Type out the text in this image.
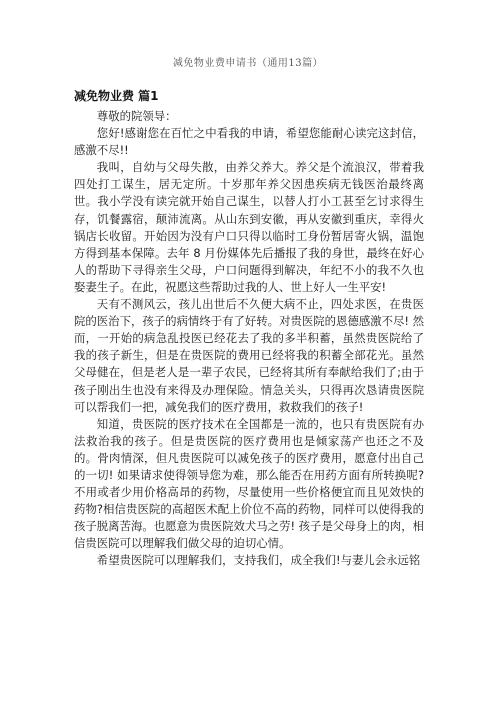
减免物业费申请书（通用13篇）
减免物业费 篇1

尊敬的院领导：

您好!感谢您在百忙之中看我的申请，希望您能耐心读完这封信，感激不尽!!

我叫，自幼与父母失散，由养父养大。养父是个流浪汉，带着我四处打工谋生，居无定所。十岁那年养父因患疾病无钱医治最终离世。我小学没有读完就开始自己谋生，以替人打小工甚至乞讨求得生存，饥餐露宿，颠沛流离。从山东到安徽，再从安徽到重庆，幸得火锅店长收留。开始因为没有户口只得以临时工身份暂居寄火锅，温饱方得到基本保障。去年 8 月份媒体先后播报了我的身世，最终在好心人的帮助下寻得亲生父母，户口问题得到解决，年纪不小的我不久也娶妻生子。在此，祝愿这些帮助过我的人、世上好人一生平安!

天有不测风云，孩儿出世后不久便大病不止，四处求医，在贵医院的医治下，孩子的病情终于有了好转。对贵医院的恩德感激不尽! 然而，一开始的病急乱投医已经花去了我的多半积蓄，虽然贵医院给了我的孩子新生，但是在贵医院的费用已经将我的积蓄全部花光。虽然父母健在，但是老人是一辈子农民，已经将其所有奉献给我们了;由于孩子刚出生也没有来得及办理保险。情急关头，只得再次恳请贵医院可以帮我们一把，减免我们的医疗费用，救救我们的孩子!

知道，贵医院的医疗技术在全国都是一流的，也只有贵医院有办法救治我的孩子。但是贵医院的医疗费用也是倾家荡产也还之不及的。骨肉情深，但凡贵医院可以减免孩子的医疗费用，愿意付出自己的一切! 如果请求使得领导您为难，那么能否在用药方面有所转换呢?不用或者少用价格高昂的药物，尽量使用一些价格便宜而且见效快的药物?相信贵医院的高超医术配上价位不高的药物，同样可以使得我的孩子脱离苦海。也愿意为贵医院效犬马之劳! 孩子是父母身上的肉，相信贵医院可以理解我们做父母的迫切心情。

希望贵医院可以理解我们，支持我们，成全我们!与妻儿会永远铭
